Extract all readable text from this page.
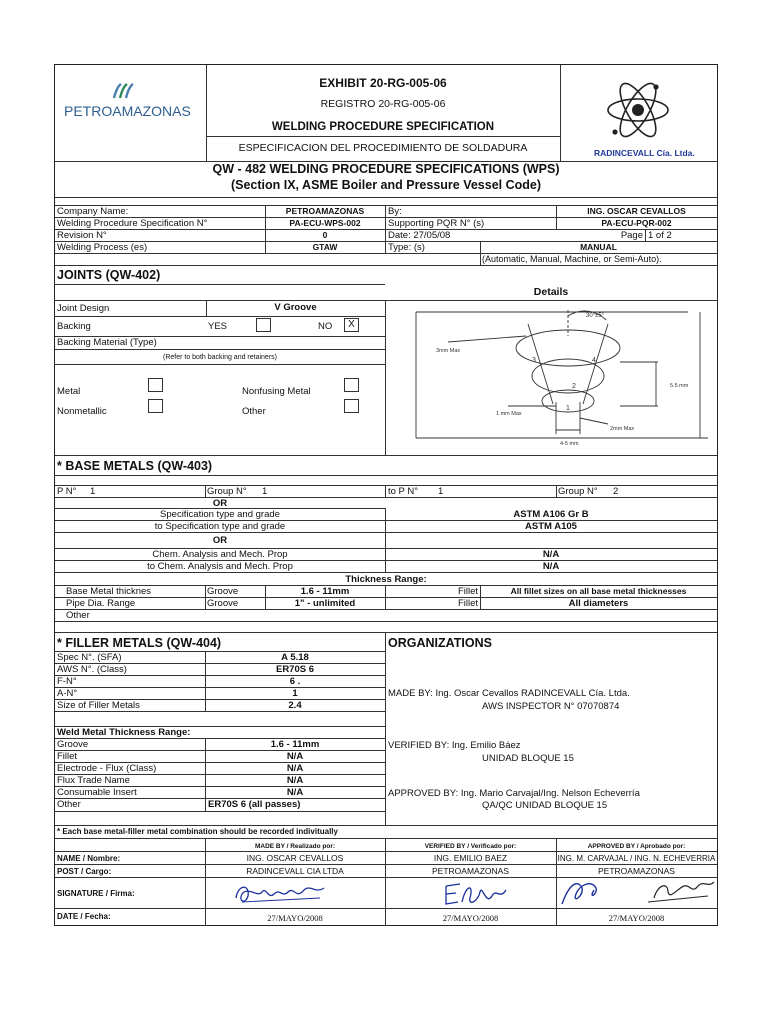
PETROAMAZONAS
EXHIBIT 20-RG-005-06
REGISTRO 20-RG-005-06
WELDING PROCEDURE SPECIFICATION
ESPECIFICACION DEL PROCEDIMIENTO DE SOLDADURA	RADINCEVALL Cía. Ltda.
QW - 482 WELDING PROCEDURE SPECIFICATIONS (WPS)
(Section IX, ASME Boiler and Pressure Vessel Code)
Company Name:	PETROAMAZONAS	By:	ING. OSCAR CEVALLOS
Welding Procedure Specification N°	PA-ECU-WPS-002	Supporting PQR N° (s)	PA-ECU-PQR-002
Revision N°	0	Date: 27/05/08	Page 1 of 2
Welding Process (es)	GTAW	Type: (s)	MANUAL
(Automatic, Manual, Machine, or Semi-Auto).
JOINTS (QW-402)
Details
Joint Design	V Groove
Backing	YES	NO	X
Backing Material (Type)
(Refer to both backing and retainers)
Metal	Nonfusing Metal
Nonmetallic	Other
30°±5°
3mm Max
5.5 mm
1 mm Max
2mm Max
4-5 mm
1
2
3	4
* BASE METALS (QW-403)
P N° 1	Group N° 1	to P N° 1	Group N° 2
OR
Specification type and grade	ASTM A106 Gr B
to Specification type and grade	ASTM A105
OR
Chem. Analysis and Mech. Prop	N/A
to Chem. Analysis and Mech. Prop	N/A
Thickness Range:
Base Metal thicknes	Groove	1.6 - 11mm	Fillet	All fillet sizes on all base metal thicknesses
Pipe Dia. Range	Groove	1" - unlimited	Fillet	All diameters
Other
* FILLER METALS (QW-404)
Spec N°. (SFA)	A 5.18
AWS N°. (Class)	ER70S 6
F-N°	6 .
A-N°	1
Size of Filler Metals	2.4
Weld Metal Thickness Range:
Groove	1.6 - 11mm
Fillet	N/A
Electrode - Flux (Class)	N/A
Flux Trade Name	N/A
Consumable Insert	N/A
Other	ER70S 6 (all passes)
ORGANIZATIONS
MADE BY: Ing. Oscar Cevallos RADINCEVALL Cía. Ltda.
AWS INSPECTOR N° 07070874
VERIFIED BY: Ing. Emilio Báez
UNIDAD BLOQUE 15
APPROVED BY: Ing. Mario Carvajal/Ing. Nelson Echeverría
QA/QC UNIDAD BLOQUE 15
* Each base metal-filler metal combination should be recorded indivitually
MADE BY / Realizado por:	VERIFIED BY / Verificado por:	APPROVED BY / Aprobado por:
NAME / Nombre:	ING. OSCAR CEVALLOS	ING. EMILIO BAEZ	ING. M. CARVAJAL / ING. N. ECHEVERRIA
POST / Cargo:	RADINCEVALL CIA LTDA	PETROAMAZONAS	PETROAMAZONAS
SIGNATURE / Firma:
DATE / Fecha:	27/MAYO/2008	27/MAYO/2008	27/MAYO/2008
